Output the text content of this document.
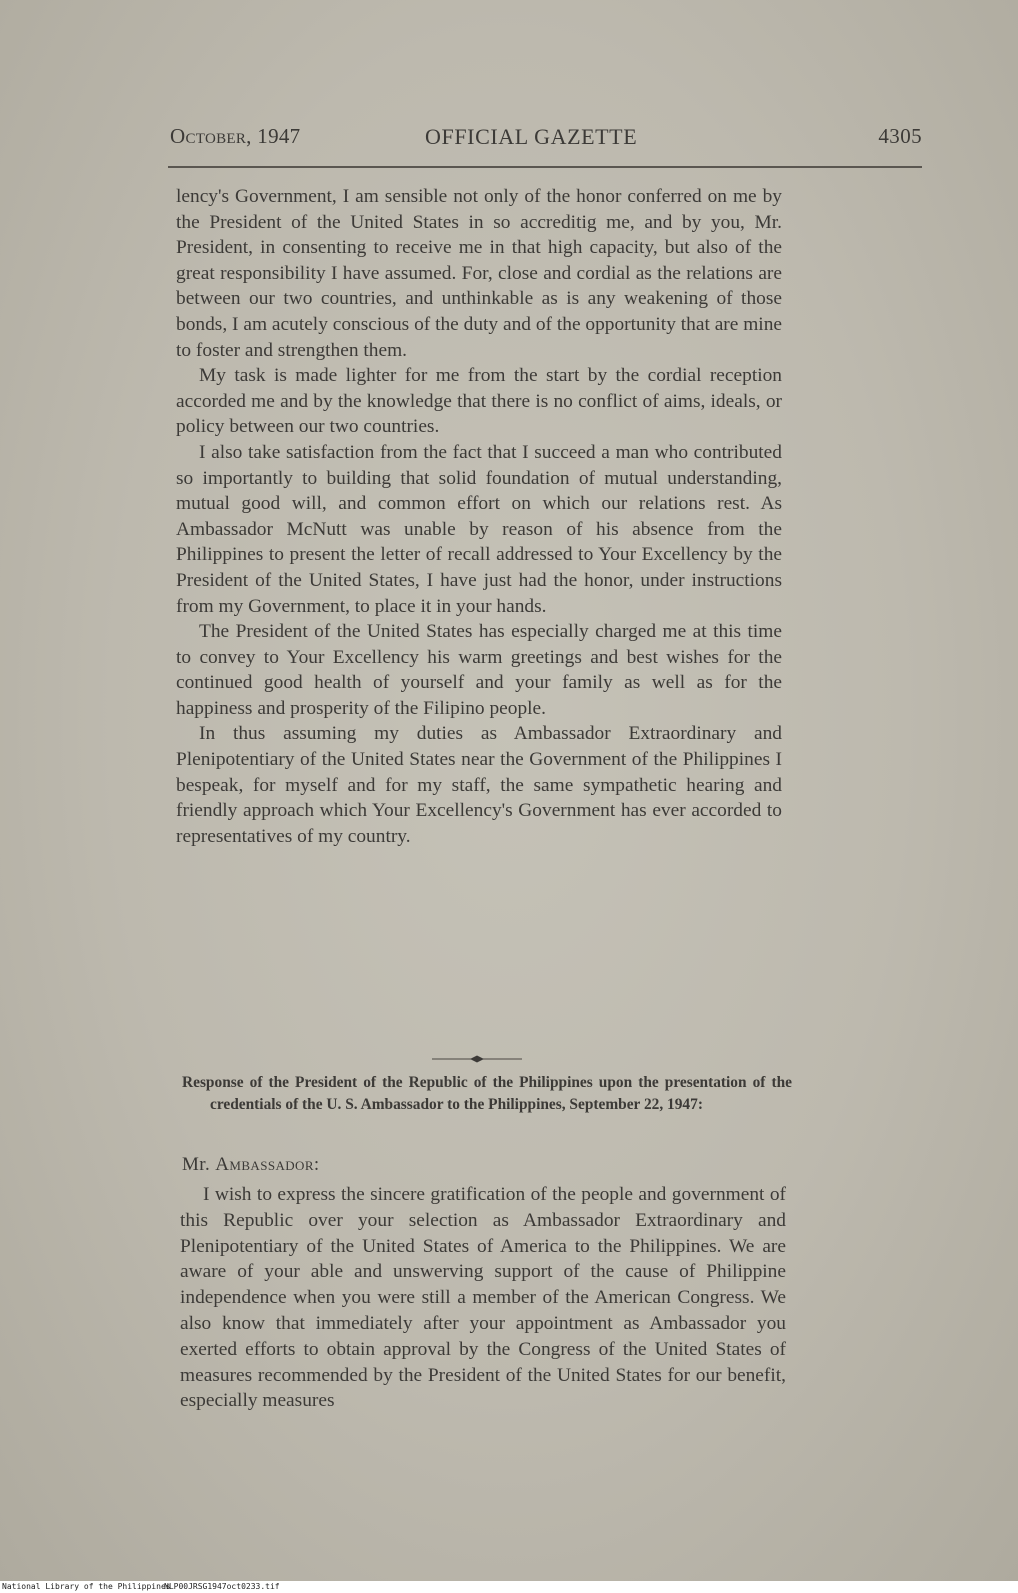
October, 1947	OFFICIAL GAZETTE	4305

lency's Government, I am sensible not only of the honor conferred on me by the President of the United States in so accreditig me, and by you, Mr. President, in consenting to receive me in that high capacity, but also of the great responsibility I have assumed. For, close and cordial as the relations are between our two countries, and unthinkable as is any weakening of those bonds, I am acutely conscious of the duty and of the opportunity that are mine to foster and strengthen them.

My task is made lighter for me from the start by the cordial reception accorded me and by the knowledge that there is no conflict of aims, ideals, or policy between our two countries.

I also take satisfaction from the fact that I succeed a man who contributed so importantly to building that solid foundation of mutual understanding, mutual good will, and common effort on which our relations rest. As Ambassador McNutt was unable by reason of his absence from the Philippines to present the letter of recall addressed to Your Excellency by the President of the United States, I have just had the honor, under instructions from my Government, to place it in your hands.

The President of the United States has especially charged me at this time to convey to Your Excellency his warm greetings and best wishes for the continued good health of yourself and your family as well as for the happiness and prosperity of the Filipino people.

In thus assuming my duties as Ambassador Extraordinary and Plenipotentiary of the United States near the Government of the Philippines I bespeak, for myself and for my staff, the same sympathetic hearing and friendly approach which Your Excellency's Government has ever accorded to representatives of my country.

Response of the President of the Republic of the Philippines upon the presentation of the credentials of the U. S. Ambassador to the Philippines, September 22, 1947:
Mr. Ambassador:

I wish to express the sincere gratification of the people and government of this Republic over your selection as Ambassador Extraordinary and Plenipotentiary of the United States of America to the Philippines. We are aware of your able and unswerving support of the cause of Philippine independence when you were still a member of the American Congress. We also know that immediately after your appointment as Ambassador you exerted efforts to obtain approval by the Congress of the United States of measures recommended by the President of the United States for our benefit, especially measures

National Library of the Philippines
NLP00JRSG1947oct0233.tif
